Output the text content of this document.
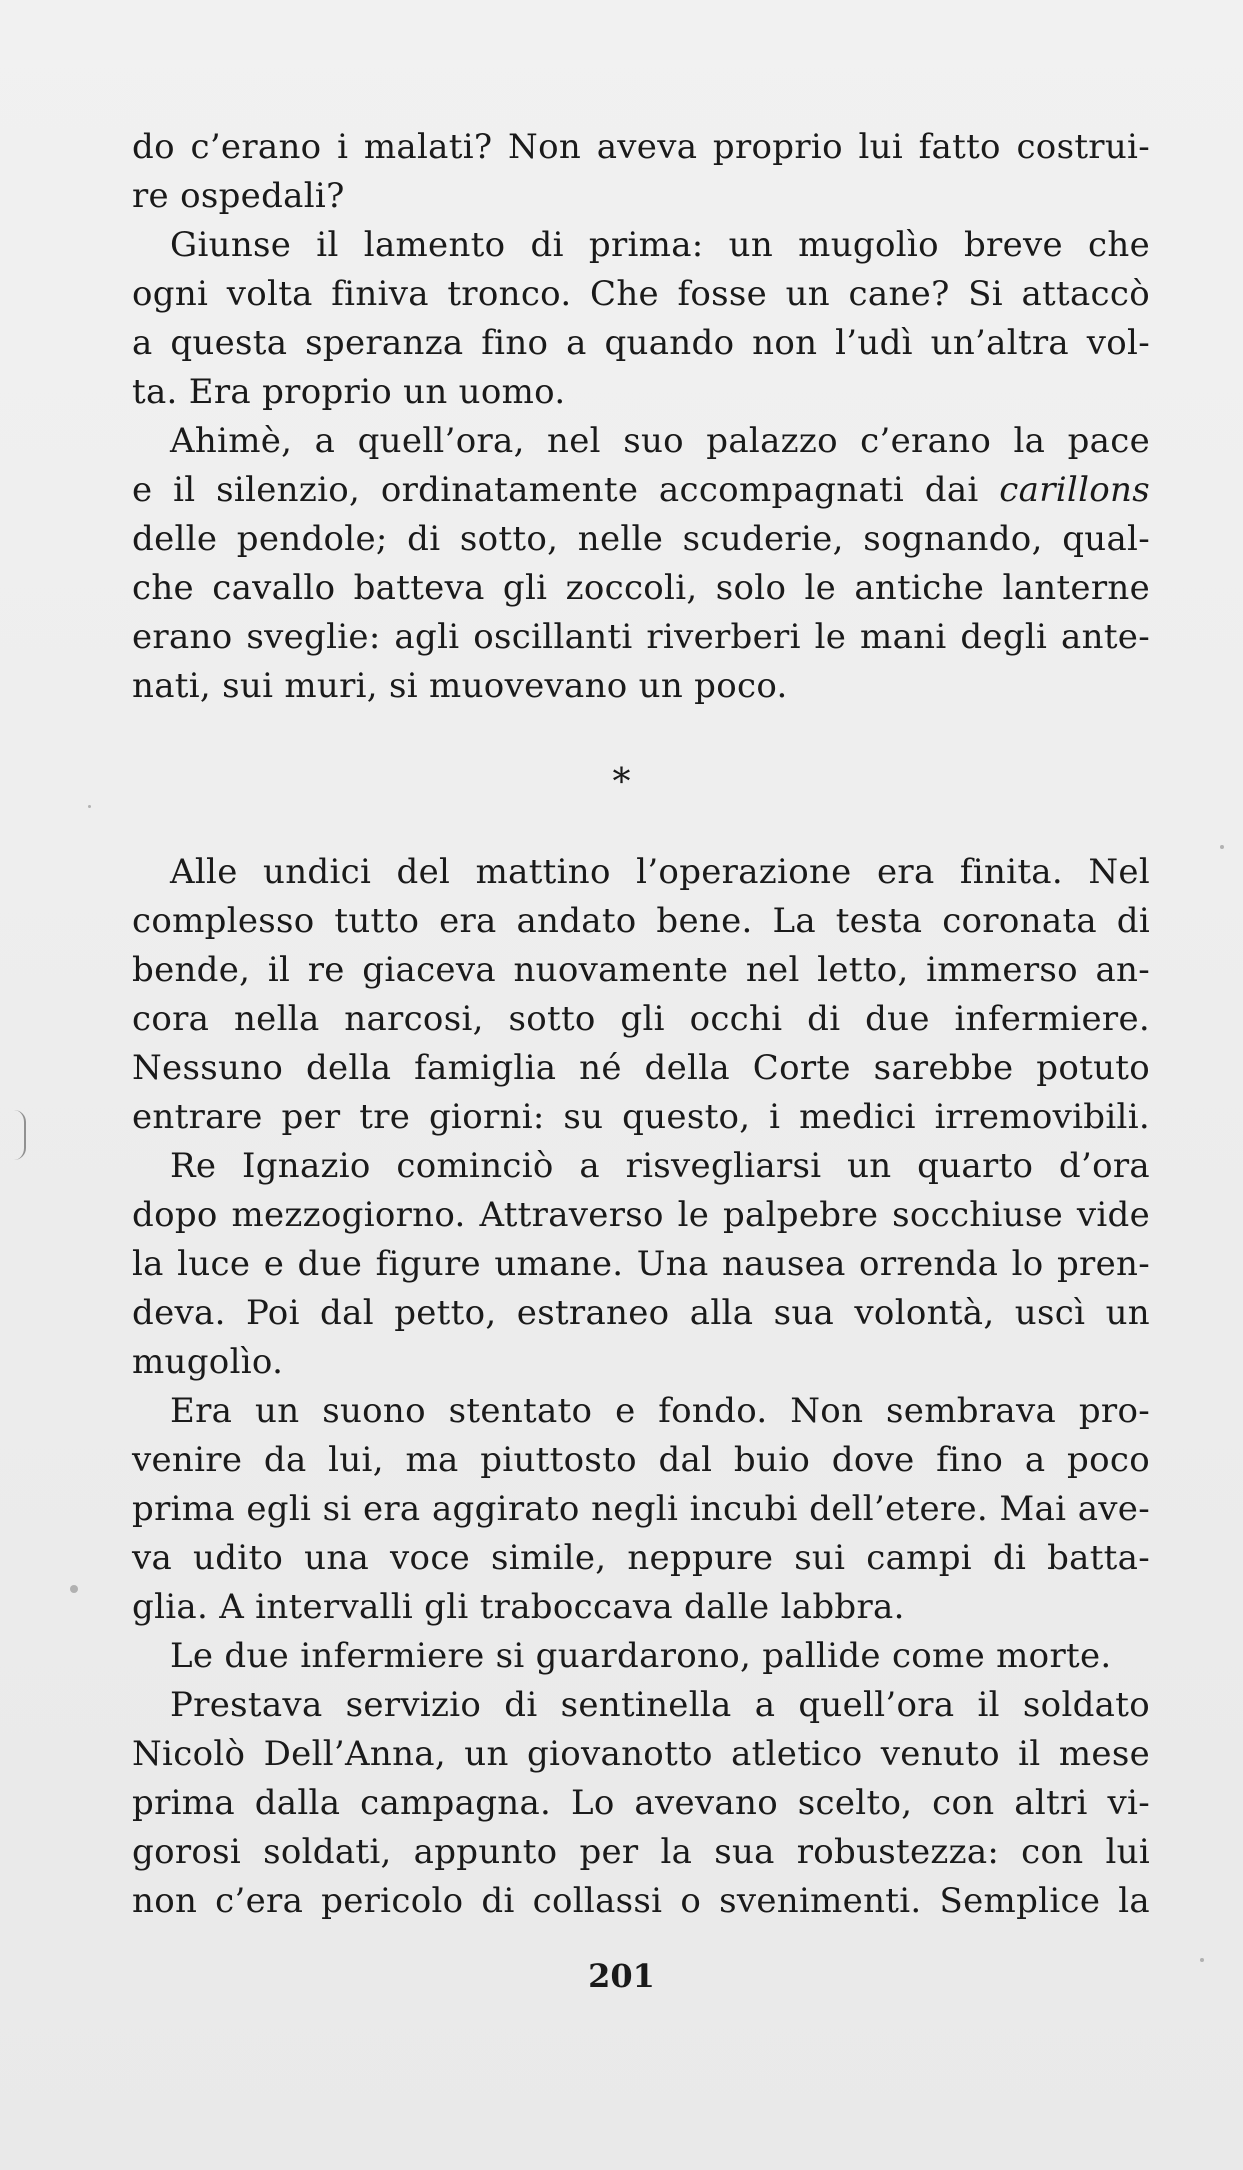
do c’erano i malati? Non aveva proprio lui fatto costrui-
re ospedali?
Giunse il lamento di prima: un mugolìo breve che
ogni volta finiva tronco. Che fosse un cane? Si attaccò
a questa speranza fino a quando non l’udì un’altra vol-
ta. Era proprio un uomo.
Ahimè, a quell’ora, nel suo palazzo c’erano la pace
e il silenzio, ordinatamente accompagnati dai carillons
delle pendole; di sotto, nelle scuderie, sognando, qual-
che cavallo batteva gli zoccoli, solo le antiche lanterne
erano sveglie: agli oscillanti riverberi le mani degli ante-
nati, sui muri, si muovevano un poco.
*
Alle undici del mattino l’operazione era finita. Nel
complesso tutto era andato bene. La testa coronata di
bende, il re giaceva nuovamente nel letto, immerso an-
cora nella narcosi, sotto gli occhi di due infermiere.
Nessuno della famiglia né della Corte sarebbe potuto
entrare per tre giorni: su questo, i medici irremovibili.
Re Ignazio cominciò a risvegliarsi un quarto d’ora
dopo mezzogiorno. Attraverso le palpebre socchiuse vide
la luce e due figure umane. Una nausea orrenda lo pren-
deva. Poi dal petto, estraneo alla sua volontà, uscì un
mugolìo.
Era un suono stentato e fondo. Non sembrava pro-
venire da lui, ma piuttosto dal buio dove fino a poco
prima egli si era aggirato negli incubi dell’etere. Mai ave-
va udito una voce simile, neppure sui campi di batta-
glia. A intervalli gli traboccava dalle labbra.
Le due infermiere si guardarono, pallide come morte.
Prestava servizio di sentinella a quell’ora il soldato
Nicolò Dell’Anna, un giovanotto atletico venuto il mese
prima dalla campagna. Lo avevano scelto, con altri vi-
gorosi soldati, appunto per la sua robustezza: con lui
non c’era pericolo di collassi o svenimenti. Semplice la
201
